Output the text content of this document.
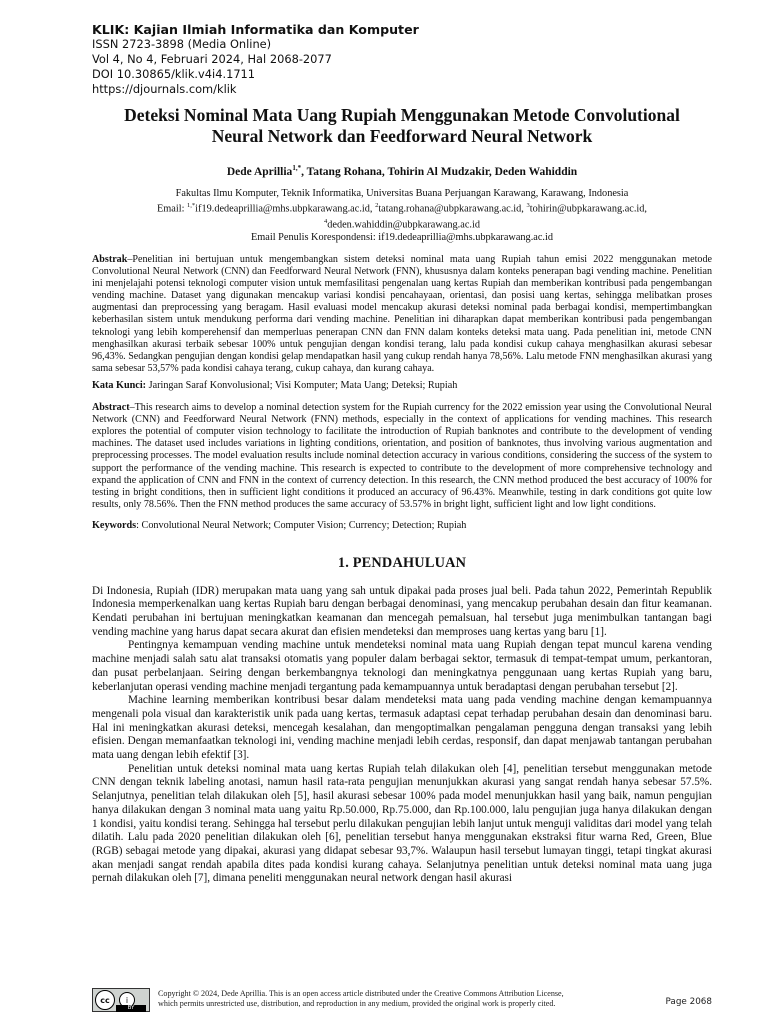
KLIK: Kajian Ilmiah Informatika dan Komputer
ISSN 2723-3898 (Media Online)
Vol 4, No 4, Februari 2024, Hal 2068-2077
DOI 10.30865/klik.v4i4.1711
https://djournals.com/klik
Deteksi Nominal Mata Uang Rupiah Menggunakan Metode Convolutional
Neural Network dan Feedforward Neural Network
Dede Aprillia$^{1,*}$, Tatang Rohana, Tohirin Al Mudzakir, Deden Wahiddin
Fakultas Ilmu Komputer, Teknik Informatika, Universitas Buana Perjuangan Karawang, Karawang, Indonesia
Email: $^{1,*}$if19.dedeaprillia@mhs.ubpkarawang.ac.id, $^2$tatang.rohana@ubpkarawang.ac.id, $^3$tohirin@ubpkarawang.ac.id,
$^4$deden.wahiddin@ubpkarawang.ac.id
Email Penulis Korespondensi: if19.dedeaprillia@mhs.ubpkarawang.ac.id
Abstrak–Penelitian ini bertujuan untuk mengembangkan sistem deteksi nominal mata uang Rupiah tahun emisi 2022 menggunakan metode Convolutional Neural Network (CNN) dan Feedforward Neural Network (FNN), khususnya dalam konteks penerapan bagi vending machine. Penelitian ini menjelajahi potensi teknologi computer vision untuk memfasilitasi pengenalan uang kertas Rupiah dan memberikan kontribusi pada pengembangan vending machine. Dataset yang digunakan mencakup variasi kondisi pencahayaan, orientasi, dan posisi uang kertas, sehingga melibatkan proses augmentasi dan preprocessing yang beragam. Hasil evaluasi model mencakup akurasi deteksi nominal pada berbagai kondisi, mempertimbangkan keberhasilan sistem untuk mendukung performa dari vending machine. Penelitian ini diharapkan dapat memberikan kontribusi pada pengembangan teknologi yang lebih komperehensif dan memperluas penerapan CNN dan FNN dalam konteks deteksi mata uang. Pada penelitian ini, metode CNN menghasilkan akurasi terbaik sebesar 100% untuk pengujian dengan kondisi terang, lalu pada kondisi cukup cahaya menghasilkan akurasi sebesar 96,43%. Sedangkan pengujian dengan kondisi gelap mendapatkan hasil yang cukup rendah hanya 78,56%. Lalu metode FNN menghasilkan akurasi yang sama sebesar 53,57% pada kondisi cahaya terang, cukup cahaya, dan kurang cahaya.
Kata Kunci: Jaringan Saraf Konvolusional; Visi Komputer; Mata Uang; Deteksi; Rupiah
Abstract–This research aims to develop a nominal detection system for the Rupiah currency for the 2022 emission year using the Convolutional Neural Network (CNN) and Feedforward Neural Network (FNN) methods, especially in the context of applications for vending machines. This research explores the potential of computer vision technology to facilitate the introduction of Rupiah banknotes and contribute to the development of vending machines. The dataset used includes variations in lighting conditions, orientation, and position of banknotes, thus involving various augmentation and preprocessing processes. The model evaluation results include nominal detection accuracy in various conditions, considering the success of the system to support the performance of the vending machine. This research is expected to contribute to the development of more comprehensive technology and expand the application of CNN and FNN in the context of currency detection. In this research, the CNN method produced the best accuracy of 100% for testing in bright conditions, then in sufficient light conditions it produced an accuracy of 96.43%. Meanwhile, testing in dark conditions got quite low results, only 78.56%. Then the FNN method produces the same accuracy of 53.57% in bright light, sufficient light and low light conditions.
Keywords: Convolutional Neural Network; Computer Vision; Currency; Detection; Rupiah
1. PENDAHULUAN

Di Indonesia, Rupiah (IDR) merupakan mata uang yang sah untuk dipakai pada proses jual beli. Pada tahun 2022, Pemerintah Republik Indonesia memperkenalkan uang kertas Rupiah baru dengan berbagai denominasi, yang mencakup perubahan desain dan fitur keamanan. Kendati perubahan ini bertujuan meningkatkan keamanan dan mencegah pemalsuan, hal tersebut juga menimbulkan tantangan bagi vending machine yang harus dapat secara akurat dan efisien mendeteksi dan memproses uang kertas yang baru [1].

Pentingnya kemampuan vending machine untuk mendeteksi nominal mata uang Rupiah dengan tepat muncul karena vending machine menjadi salah satu alat transaksi otomatis yang populer dalam berbagai sektor, termasuk di tempat-tempat umum, perkantoran, dan pusat perbelanjaan. Seiring dengan berkembangnya teknologi dan meningkatnya penggunaan uang kertas Rupiah yang baru, keberlanjutan operasi vending machine menjadi tergantung pada kemampuannya untuk beradaptasi dengan perubahan tersebut [2].

Machine learning memberikan kontribusi besar dalam mendeteksi mata uang pada vending machine dengan kemampuannya mengenali pola visual dan karakteristik unik pada uang kertas, termasuk adaptasi cepat terhadap perubahan desain dan denominasi baru. Hal ini meningkatkan akurasi deteksi, mencegah kesalahan, dan mengoptimalkan pengalaman pengguna dengan transaksi yang lebih efisien. Dengan memanfaatkan teknologi ini, vending machine menjadi lebih cerdas, responsif, dan dapat menjawab tantangan perubahan mata uang dengan lebih efektif [3].

Penelitian untuk deteksi nominal mata uang kertas Rupiah telah dilakukan oleh [4], penelitian tersebut menggunakan metode CNN dengan teknik labeling anotasi, namun hasil rata-rata pengujian menunjukkan akurasi yang sangat rendah hanya sebesar 57.5%. Selanjutnya, penelitian telah dilakukan oleh [5], hasil akurasi sebesar 100% pada model menunjukkan hasil yang baik, namun pengujian hanya dilakukan dengan 3 nominal mata uang yaitu Rp.50.000, Rp.75.000, dan Rp.100.000, lalu pengujian juga hanya dilakukan dengan 1 kondisi, yaitu kondisi terang. Sehingga hal tersebut perlu dilakukan pengujian lebih lanjut untuk menguji validitas dari model yang telah dilatih. Lalu pada 2020 penelitian dilakukan oleh [6], penelitian tersebut hanya menggunakan ekstraksi fitur warna Red, Green, Blue (RGB) sebagai metode yang dipakai, akurasi yang didapat sebesar 93,7%. Walaupun hasil tersebut lumayan tinggi, tetapi tingkat akurasi akan menjadi sangat rendah apabila dites pada kondisi kurang cahaya. Selanjutnya penelitian untuk deteksi nominal mata uang juga pernah dilakukan oleh [7], dimana peneliti menggunakan neural network dengan hasil akurasi

cc	i
BY
Copyright © 2024, Dede Aprillia. This is an open access article distributed under the Creative Commons Attribution License,
which permits unrestricted use, distribution, and reproduction in any medium, provided the original work is properly cited.	Page 2068
